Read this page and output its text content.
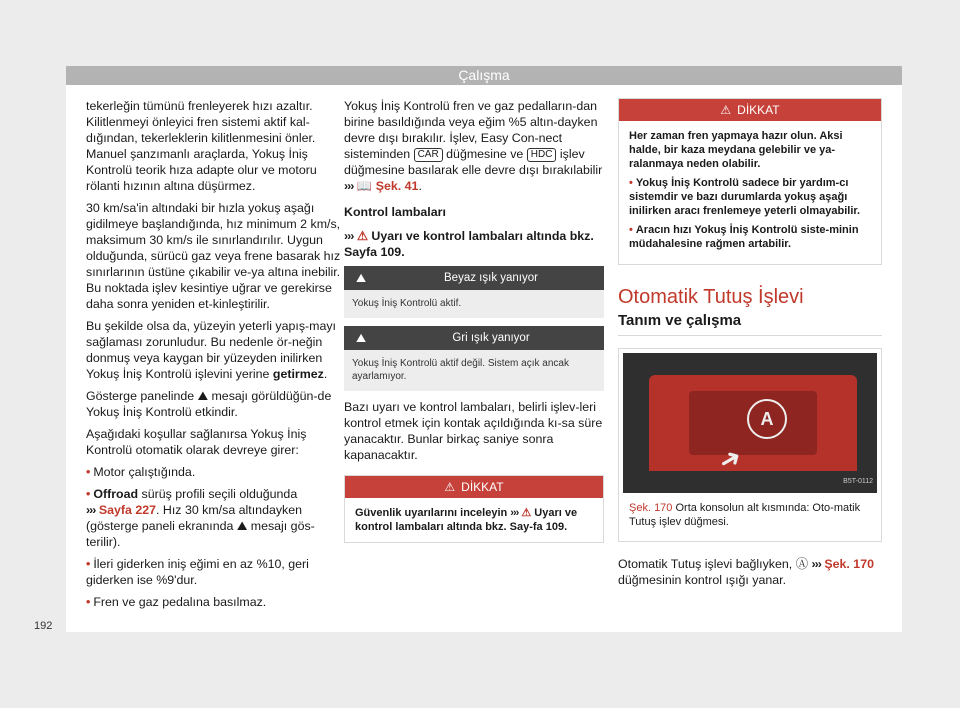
Çalışma

tekerleğin tümünü frenleyerek hızı azaltır. Kilitlenmeyi önleyici fren sistemi aktif kal-dığından, tekerleklerin kilitlenmesini önler. Manuel şanzımanlı araçlarda, Yokuş İniş Kontrolü teorik hıza adapte olur ve motoru rölanti hızının altına düşürmez.

30 km/sa'in altındaki bir hızla yokuş aşağı gidilmeye başlandığında, hız minimum 2 km/s, maksimum 30 km/s ile sınırlandırılır. Uygun olduğunda, sürücü gaz veya frene basarak hız sınırlarının üstüne çıkabilir ve-ya altına inebilir. Bu noktada işlev kesintiye uğrar ve gerekirse daha sonra yeniden et-kinleştirilir.

Bu şekilde olsa da, yüzeyin yeterli yapış-mayı sağlaması zorunludur. Bu nedenle ör-neğin donmuş veya kaygan bir yüzeyden inilirken Yokuş İniş Kontrolü işlevini yerine getirmez.

Gösterge panelinde ⛰ mesajı görüldüğün-de Yokuş İniş Kontrolü etkindir.

Aşağıdaki koşullar sağlanırsa Yokuş İniş Kontrolü otomatik olarak devreye girer:

• Motor çalıştığında.

• Offroad sürüş profili seçili olduğunda
››› Sayfa 227. Hız 30 km/sa altındayken (gösterge paneli ekranında ⛰ mesajı gös-terilir).

• İleri giderken iniş eğimi en az %10, geri giderken ise %9'dur.

• Fren ve gaz pedalına basılmaz.

Yokuş İniş Kontrolü fren ve gaz pedalların-dan birine basıldığında veya eğim %5 altın-dayken devre dışı bırakılır. İşlev, Easy Con-nect sisteminden CAR düğmesine ve HDC işlev düğmesine basılarak elle devre dışı bırakılabilir ››› 📖 Şek. 41.

Kontrol lambaları

››› ⚠ Uyarı ve kontrol lambaları altında bkz. Sayfa 109.

⛰	Beyaz ışık yanıyor
Yokuş İniş Kontrolü aktif.
⛰	Gri ışık yanıyor
Yokuş İniş Kontrolü aktif değil. Sistem açık ancak ayarlamıyor.

Bazı uyarı ve kontrol lambaları, belirli işlev-leri kontrol etmek için kontak açıldığında kı-sa süre yanacaktır. Bunlar birkaç saniye sonra kapanacaktır.

⚠ DİKKAT
Güvenlik uyarılarını inceleyin ››› ⚠ Uyarı ve kontrol lambaları altında bkz. Say-fa 109.
⚠ DİKKAT

Her zaman fren yapmaya hazır olun. Aksi halde, bir kaza meydana gelebilir ve ya-ralanmaya neden olabilir.

• Yokuş İniş Kontrolü sadece bir yardım-cı sistemdir ve bazı durumlarda yokuş aşağı inilirken aracı frenlemeye yeterli olmayabilir.

• Aracın hızı Yokuş İniş Kontrolü siste-minin müdahalesine rağmen artabilir.

Otomatik Tutuş İşlevi
Tanım ve çalışma
A
➜
B5T-0112
Şek. 170 Orta konsolun alt kısmında: Oto-matik Tutuş işlev düğmesi.

Otomatik Tutuş işlevi bağlıyken, Ⓐ ››› Şek. 170 düğmesinin kontrol ışığı yanar.

192
